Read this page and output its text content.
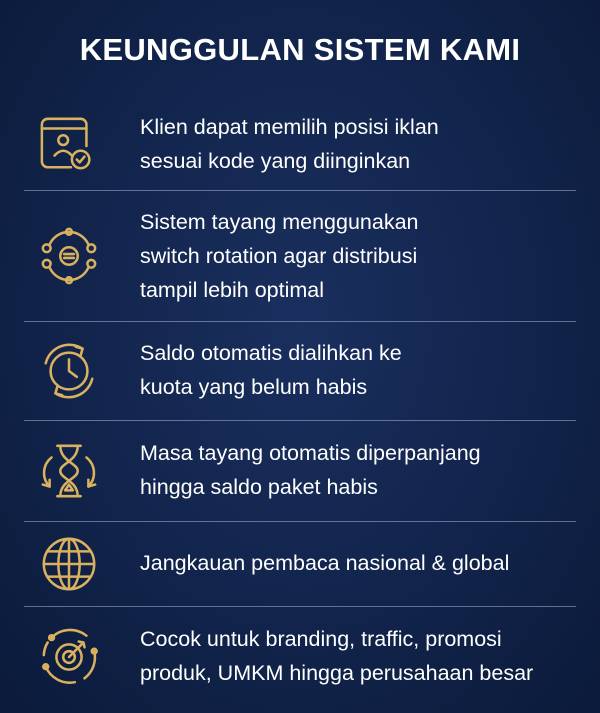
KEUNGGULAN SISTEM KAMI
Klien dapat memilih posisi iklan
sesuai kode yang diinginkan
Sistem tayang menggunakan
switch rotation agar distribusi
tampil lebih optimal
Saldo otomatis dialihkan ke
kuota yang belum habis
Masa tayang otomatis diperpanjang
hingga saldo paket habis
Jangkauan pembaca nasional & global
Cocok untuk branding, traffic, promosi
produk, UMKM hingga perusahaan besar
